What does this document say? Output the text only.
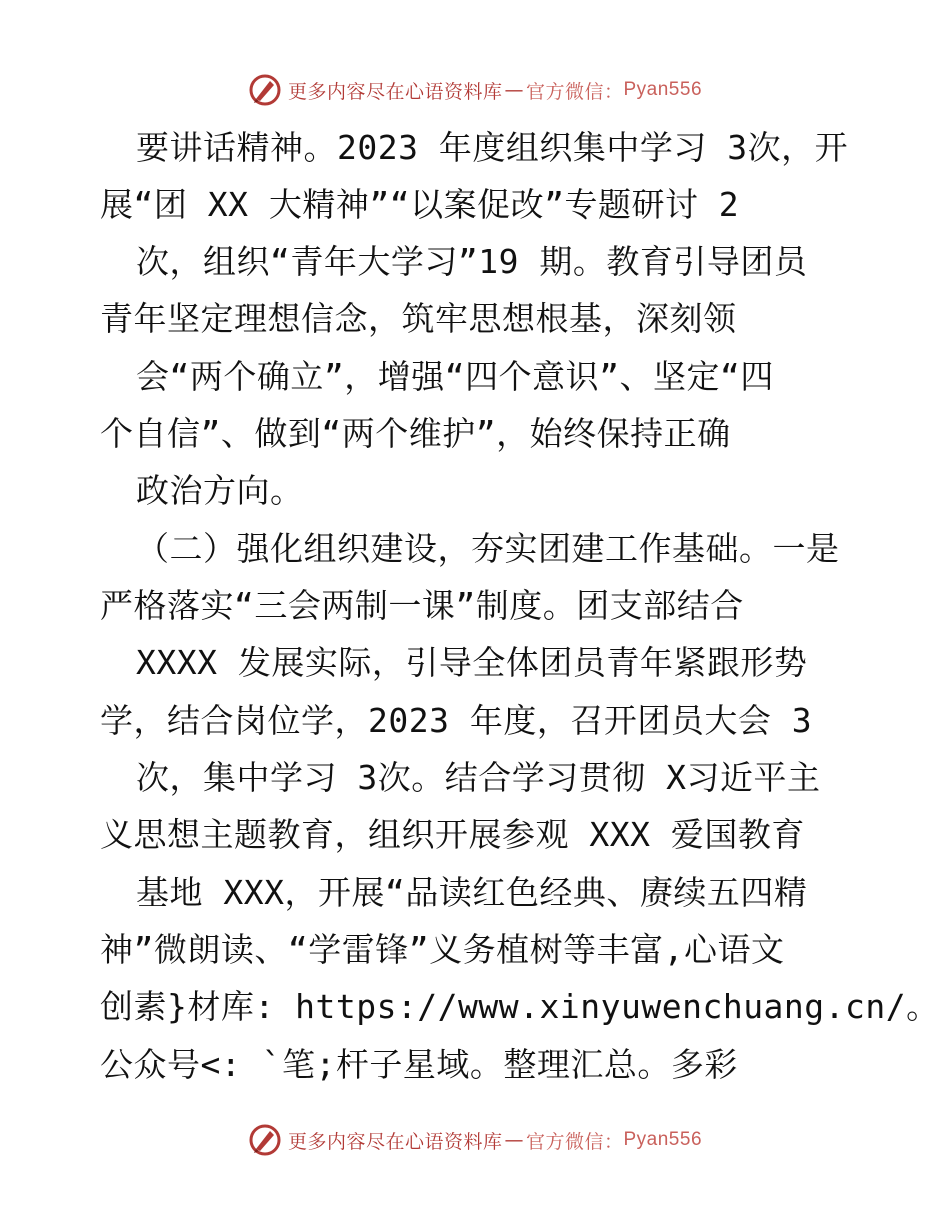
更多内容尽在心语资料库 — 官方微信： Pyan556
要讲话精神。2023 年度组织集中学习 3次，开
展“团 XX 大精神”“以案促改”专题研讨 2
次，组织“青年大学习”19 期。教育引导团员
青年坚定理想信念，筑牢思想根基，深刻领
会“两个确立”，增强“四个意识”、坚定“四
个自信”、做到“两个维护”，始终保持正确
政治方向。
（二）强化组织建设，夯实团建工作基础。一是
严格落实“三会两制一课”制度。团支部结合
XXXX 发展实际，引导全体团员青年紧跟形势
学，结合岗位学，2023 年度，召开团员大会 3
次，集中学习 3次。结合学习贯彻 X习近平主
义思想主题教育，组织开展参观 XXX 爱国教育
基地 XXX，开展“品读红色经典、赓续五四精
神”微朗读、“学雷锋”义务植树等丰富,心语文
创素}材库: https://www.xinyuwenchuang.cn/。
公众号<: `笔;杆子星域。整理汇总。多彩
更多内容尽在心语资料库 — 官方微信： Pyan556
